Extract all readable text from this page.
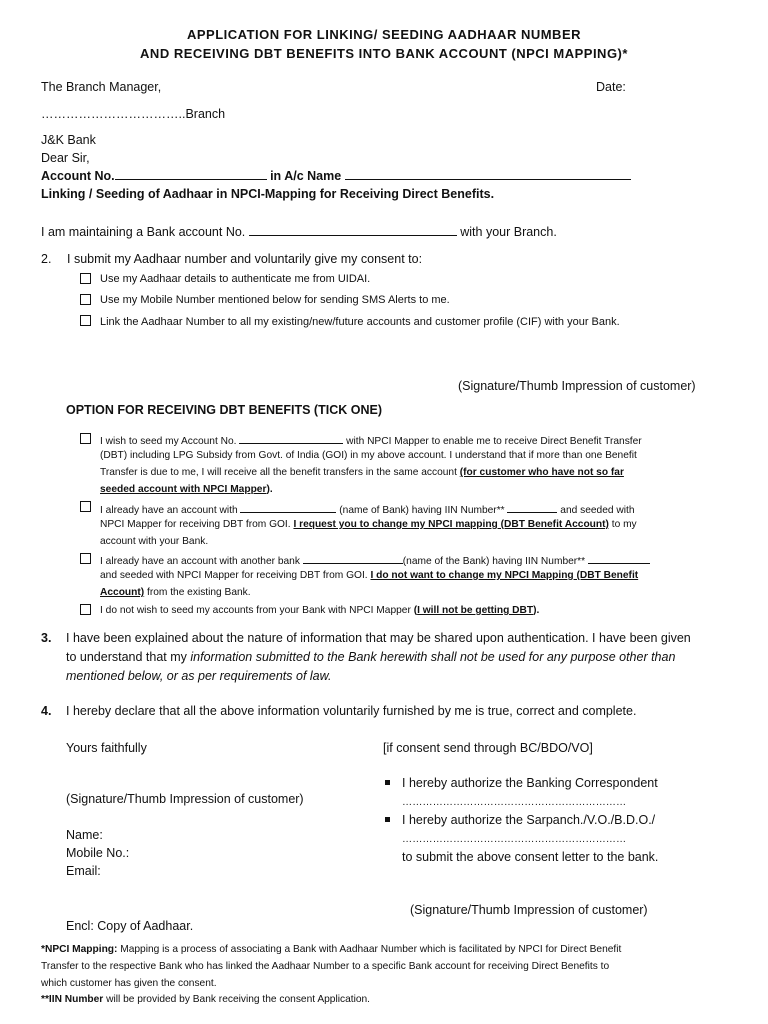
APPLICATION FOR LINKING/ SEEDING AADHAAR NUMBER
AND RECEIVING DBT BENEFITS INTO BANK ACCOUNT (NPCI MAPPING)*
The Branch Manager,	Date:
……………………………..Branch
J&K Bank
Dear Sir,
Account No.	in A/c Name
Linking / Seeding of Aadhaar in NPCI-Mapping for Receiving Direct Benefits.
I am maintaining a Bank account No.	with your Branch.
2. I submit my Aadhaar number and voluntarily give my consent to:
Use my Aadhaar details to authenticate me from UIDAI.
Use my Mobile Number mentioned below for sending SMS Alerts to me.
Link the Aadhaar Number to all my existing/new/future accounts and customer profile (CIF) with your Bank.
(Signature/Thumb Impression of customer)
OPTION FOR RECEIVING DBT BENEFITS (TICK ONE)
I wish to seed my Account No.	with NPCI Mapper to enable me to receive Direct Benefit Transfer
(DBT) including LPG Subsidy from Govt. of India (GOI) in my above account. I understand that if more than one Benefit
Transfer is due to me, I will receive all the benefit transfers in the same account (for customer who have not so far
seeded account with NPCI Mapper).
I already have an account with	(name of Bank) having IIN Number**	and seeded with
NPCI Mapper for receiving DBT from GOI. I request you to change my NPCI mapping (DBT Benefit Account) to my
account with your Bank.
I already have an account with another bank	(name of the Bank) having IIN Number**
and seeded with NPCI Mapper for receiving DBT from GOI. I do not want to change my NPCI Mapping (DBT Benefit
Account) from the existing Bank.
I do not wish to seed my accounts from your Bank with NPCI Mapper (I will not be getting DBT).
3. I have been explained about the nature of information that may be shared upon authentication. I have been given
to understand that my information submitted to the Bank herewith shall not be used for any purpose other than
mentioned below, or as per requirements of law.
4. I hereby declare that all the above information voluntarily furnished by me is true, correct and complete.
Yours faithfully
(Signature/Thumb Impression of customer)
Name:
Mobile No.:
Email:
Encl: Copy of Aadhaar.
[if consent send through BC/BDO/VO]
I hereby authorize the Banking Correspondent
…………………………………………………………
I hereby authorize the Sarpanch./V.O./B.D.O./
…………………………………………………………
to submit the above consent letter to the bank.
(Signature/Thumb Impression of customer)
*NPCI Mapping: Mapping is a process of associating a Bank with Aadhaar Number which is facilitated by NPCI for Direct Benefit
Transfer to the respective Bank who has linked the Aadhaar Number to a specific Bank account for receiving Direct Benefits to
which customer has given the consent.
**IIN Number will be provided by Bank receiving the consent Application.
